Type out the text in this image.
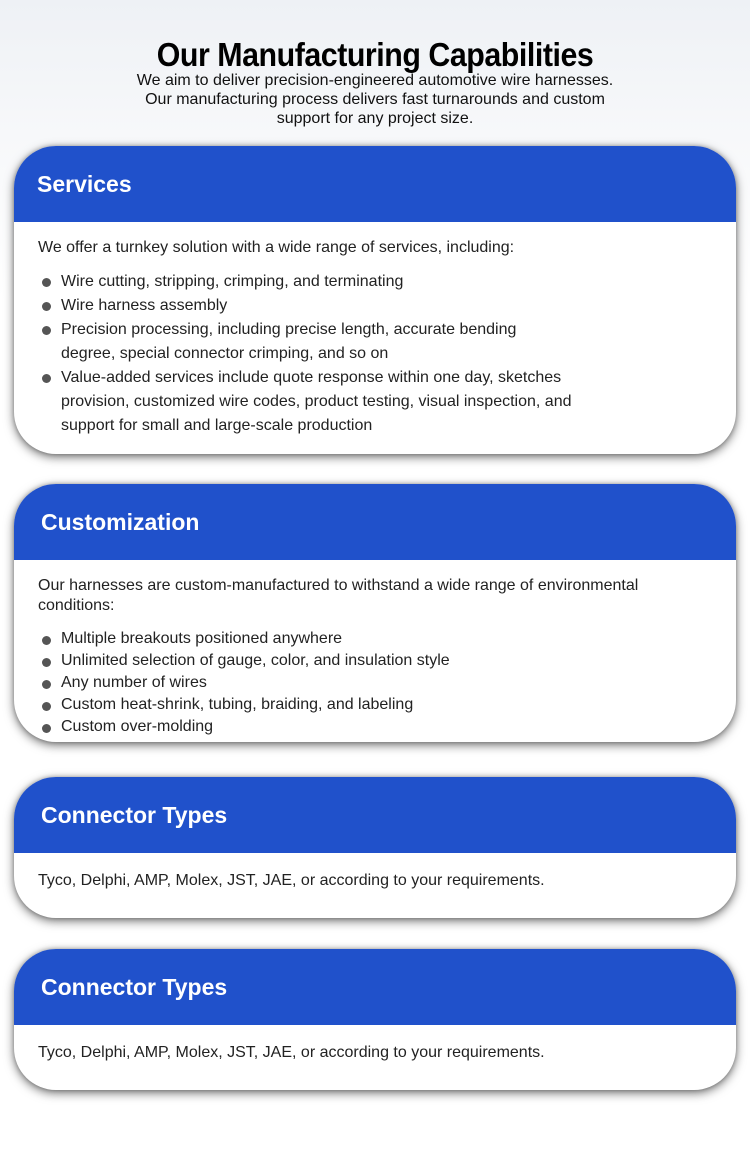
Our Manufacturing Capabilities
We aim to deliver precision-engineered automotive wire harnesses. Our manufacturing process delivers fast turnarounds and custom support for any project size.
Services

We offer a turnkey solution with a wide range of services, including:

Wire cutting, stripping, crimping, and terminating
Wire harness assembly
Precision processing, including precise length, accurate bending degree, special connector crimping, and so on
Value-added services include quote response within one day, sketches provision, customized wire codes, product testing, visual inspection, and support for small and large-scale production
Customization

Our harnesses are custom-manufactured to withstand a wide range of environmental conditions:

Multiple breakouts positioned anywhere
Unlimited selection of gauge, color, and insulation style
Any number of wires
Custom heat-shrink, tubing, braiding, and labeling
Custom over-molding
Connector Types

Tyco, Delphi, AMP, Molex, JST, JAE, or according to your requirements.

Connector Types

Tyco, Delphi, AMP, Molex, JST, JAE, or according to your requirements.
